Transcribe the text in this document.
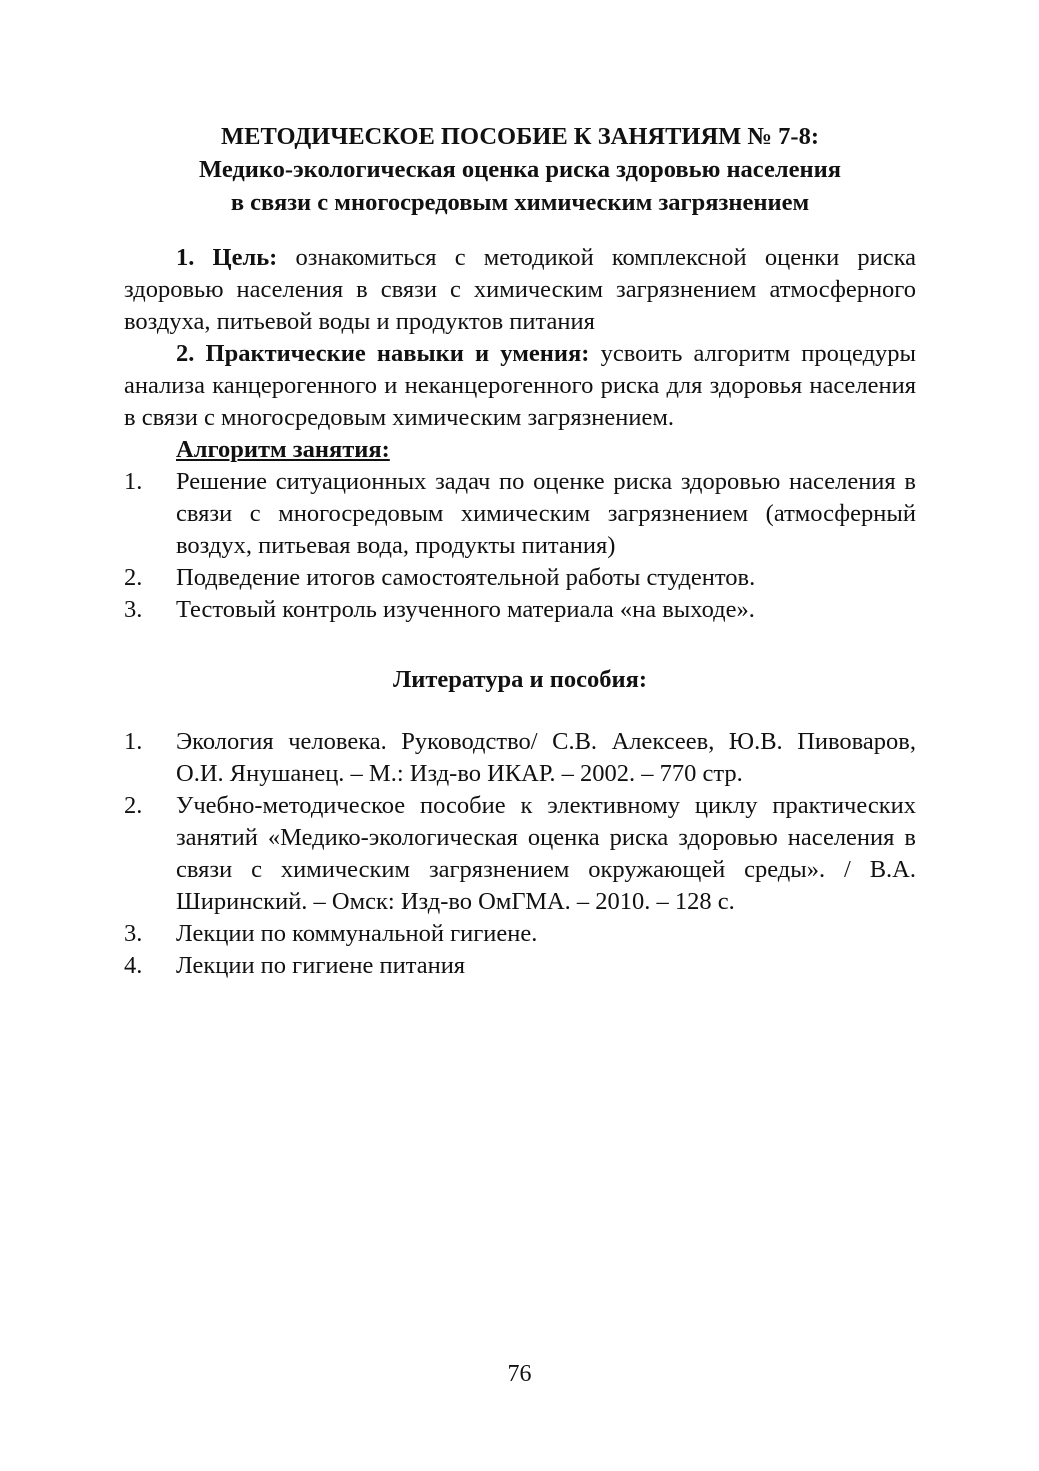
МЕТОДИЧЕСКОЕ ПОСОБИЕ К ЗАНЯТИЯМ № 7-8:
Медико-экологическая оценка риска здоровью населения
в связи с многосредовым химическим загрязнением

1. Цель: ознакомиться с методикой комплексной оценки риска здоровью населения в связи с химическим загрязнением атмосферного воздуха, питьевой воды и продуктов питания

2. Практические навыки и умения: усвоить алгоритм процедуры анализа канцерогенного и неканцерогенного риска для здоровья населения в связи с многосредовым химическим загрязнением.

Алгоритм занятия:

1. Решение ситуационных задач по оценке риска здоровью населения в связи с многосредовым химическим загрязнением (атмосферный воздух, питьевая вода, продукты питания)
2. Подведение итогов самостоятельной работы студентов.
3. Тестовый контроль изученного материала «на выходе».
Литература и пособия:
1. Экология человека. Руководство/ С.В. Алексеев, Ю.В. Пивоваров, О.И. Янушанец. – М.: Изд-во ИКАР. – 2002. – 770 стр.
2. Учебно-методическое пособие к элективному циклу практических занятий «Медико-экологическая оценка риска здоровью населения в связи с химическим загрязнением окружающей среды». / В.А. Ширинский. – Омск: Изд-во ОмГМА. – 2010. – 128 с.
3. Лекции по коммунальной гигиене.
4. Лекции по гигиене питания
76
